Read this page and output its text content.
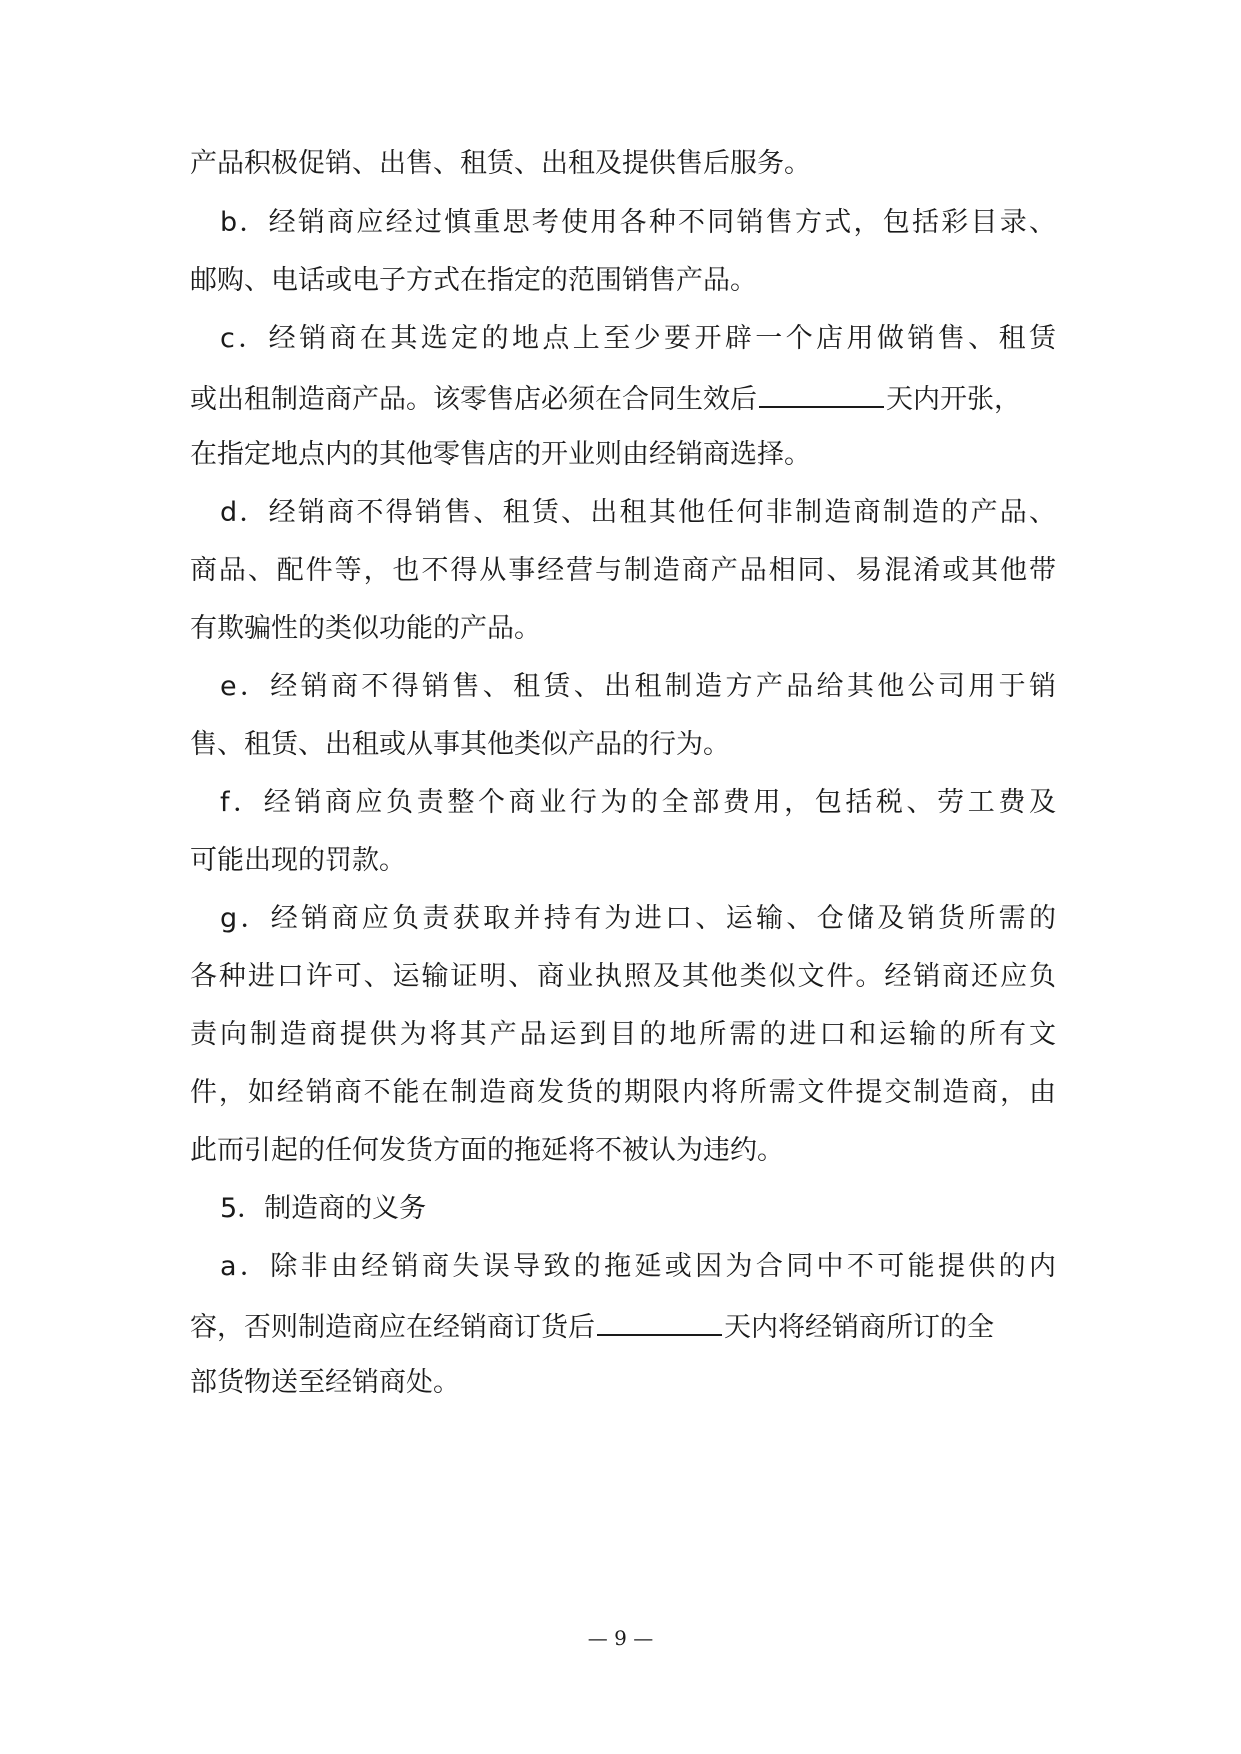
产品积极促销、出售、租赁、出租及提供售后服务。
b．经销商应经过慎重思考使用各种不同销售方式，包括彩目录、
邮购、电话或电子方式在指定的范围销售产品。
c．经销商在其选定的地点上至少要开辟一个店用做销售、租赁
或出租制造商产品。该零售店必须在合同生效后	天内开张，
在指定地点内的其他零售店的开业则由经销商选择。
d．经销商不得销售、租赁、出租其他任何非制造商制造的产品、
商品、配件等，也不得从事经营与制造商产品相同、易混淆或其他带
有欺骗性的类似功能的产品。
e．经销商不得销售、租赁、出租制造方产品给其他公司用于销
售、租赁、出租或从事其他类似产品的行为。
f．经销商应负责整个商业行为的全部费用，包括税、劳工费及
可能出现的罚款。
g．经销商应负责获取并持有为进口、运输、仓储及销货所需的
各种进口许可、运输证明、商业执照及其他类似文件。经销商还应负
责向制造商提供为将其产品运到目的地所需的进口和运输的所有文
件，如经销商不能在制造商发货的期限内将所需文件提交制造商，由
此而引起的任何发货方面的拖延将不被认为违约。
5．制造商的义务
a．除非由经销商失误导致的拖延或因为合同中不可能提供的内
容，否则制造商应在经销商订货后	天内将经销商所订的全
部货物送至经销商处。
— 9 —
